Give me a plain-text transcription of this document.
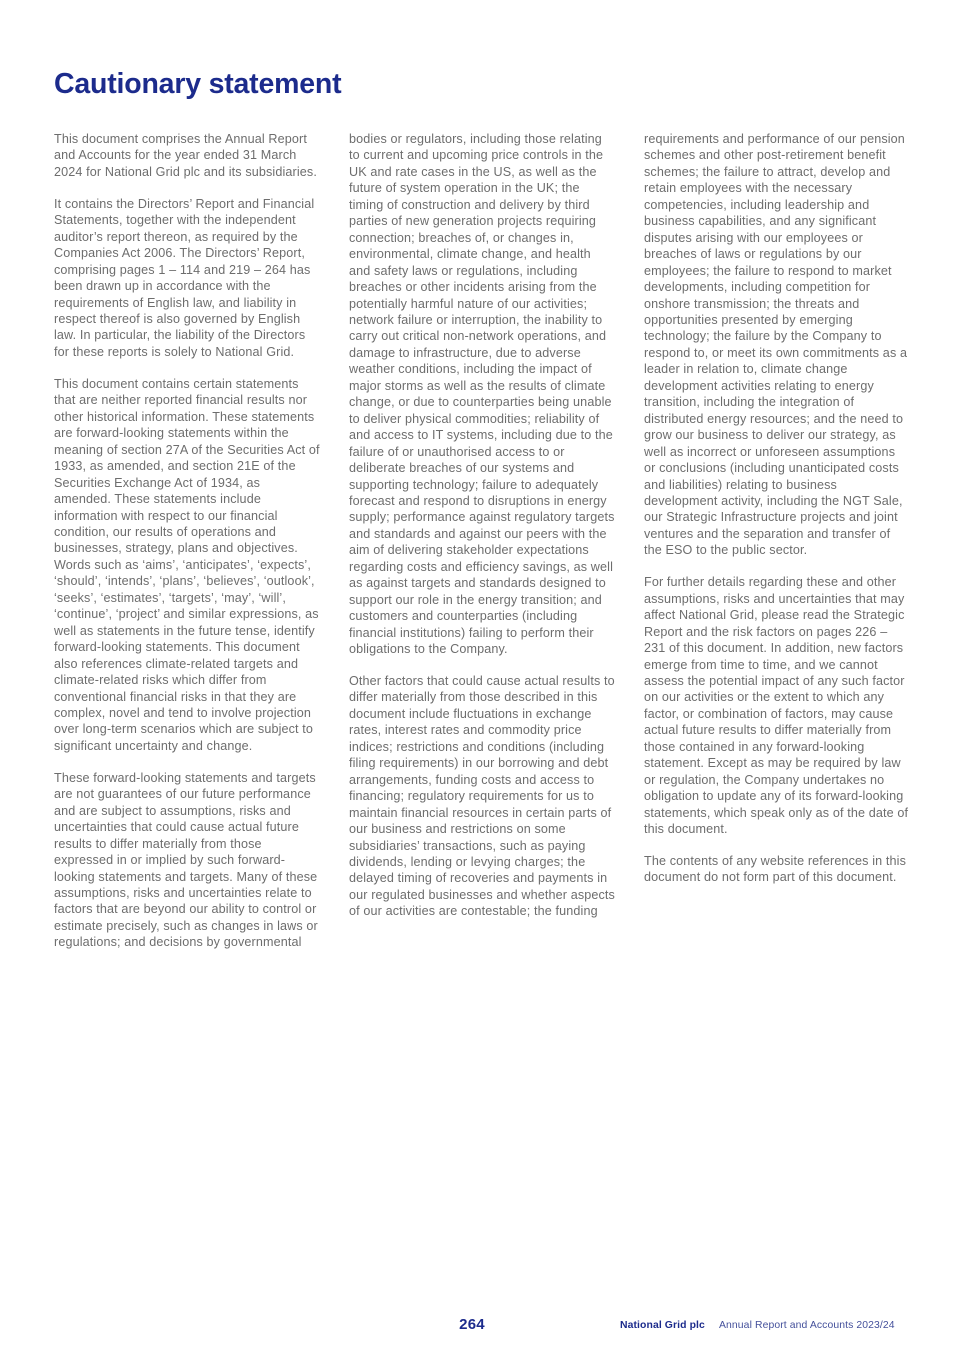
Cautionary statement

This document comprises the Annual Report and Accounts for the year ended 31 March 2024 for National Grid plc and its subsidiaries.

It contains the Directors’ Report and Financial Statements, together with the independent auditor’s report thereon, as required by the Companies Act 2006. The Directors’ Report, comprising pages 1 – 114 and 219 – 264 has been drawn up in accordance with the requirements of English law, and liability in respect thereof is also governed by English law. In particular, the liability of the Directors for these reports is solely to National Grid.

This document contains certain statements that are neither reported financial results nor other historical information. These statements are forward-looking statements within the meaning of section 27A of the Securities Act of 1933, as amended, and section 21E of the Securities Exchange Act of 1934, as amended. These statements include information with respect to our financial condition, our results of operations and businesses, strategy, plans and objectives. Words such as ‘aims’, ‘anticipates’, ‘expects’, ‘should’, ‘intends’, ‘plans’, ‘believes’, ‘outlook’, ‘seeks’, ‘estimates’, ‘targets’, ‘may’, ‘will’, ‘continue’, ‘project’ and similar expressions, as well as statements in the future tense, identify forward-looking statements. This document also references climate-related targets and climate-related risks which differ from conventional financial risks in that they are complex, novel and tend to involve projection over long-term scenarios which are subject to significant uncertainty and change.

These forward-looking statements and targets are not guarantees of our future performance and are subject to assumptions, risks and uncertainties that could cause actual future results to differ materially from those expressed in or implied by such forward-looking statements and targets. Many of these assumptions, risks and uncertainties relate to factors that are beyond our ability to control or estimate precisely, such as changes in laws or regulations; and decisions by governmental

bodies or regulators, including those relating to current and upcoming price controls in the UK and rate cases in the US, as well as the future of system operation in the UK; the timing of construction and delivery by third parties of new generation projects requiring connection; breaches of, or changes in, environmental, climate change, and health and safety laws or regulations, including breaches or other incidents arising from the potentially harmful nature of our activities; network failure or interruption, the inability to carry out critical non-network operations, and damage to infrastructure, due to adverse weather conditions, including the impact of major storms as well as the results of climate change, or due to counterparties being unable to deliver physical commodities; reliability of and access to IT systems, including due to the failure of or unauthorised access to or deliberate breaches of our systems and supporting technology; failure to adequately forecast and respond to disruptions in energy supply; performance against regulatory targets and standards and against our peers with the aim of delivering stakeholder expectations regarding costs and efficiency savings, as well as against targets and standards designed to support our role in the energy transition; and customers and counterparties (including financial institutions) failing to perform their obligations to the Company.

Other factors that could cause actual results to differ materially from those described in this document include fluctuations in exchange rates, interest rates and commodity price indices; restrictions and conditions (including filing requirements) in our borrowing and debt arrangements, funding costs and access to financing; regulatory requirements for us to maintain financial resources in certain parts of our business and restrictions on some subsidiaries’ transactions, such as paying dividends, lending or levying charges; the delayed timing of recoveries and payments in our regulated businesses and whether aspects of our activities are contestable; the funding

requirements and performance of our pension schemes and other post-retirement benefit schemes; the failure to attract, develop and retain employees with the necessary competencies, including leadership and business capabilities, and any significant disputes arising with our employees or breaches of laws or regulations by our employees; the failure to respond to market developments, including competition for onshore transmission; the threats and opportunities presented by emerging technology; the failure by the Company to respond to, or meet its own commitments as a leader in relation to, climate change development activities relating to energy transition, including the integration of distributed energy resources; and the need to grow our business to deliver our strategy, as well as incorrect or unforeseen assumptions or conclusions (including unanticipated costs and liabilities) relating to business development activity, including the NGT Sale, our Strategic Infrastructure projects and joint ventures and the separation and transfer of the ESO to the public sector.

For further details regarding these and other assumptions, risks and uncertainties that may affect National Grid, please read the Strategic Report and the risk factors on pages 226 – 231 of this document. In addition, new factors emerge from time to time, and we cannot assess the potential impact of any such factor on our activities or the extent to which any factor, or combination of factors, may cause actual future results to differ materially from those contained in any forward-looking statement. Except as may be required by law or regulation, the Company undertakes no obligation to update any of its forward-looking statements, which speak only as of the date of this document.

The contents of any website references in this document do not form part of this document.

264	National Grid plc Annual Report and Accounts 2023/24
